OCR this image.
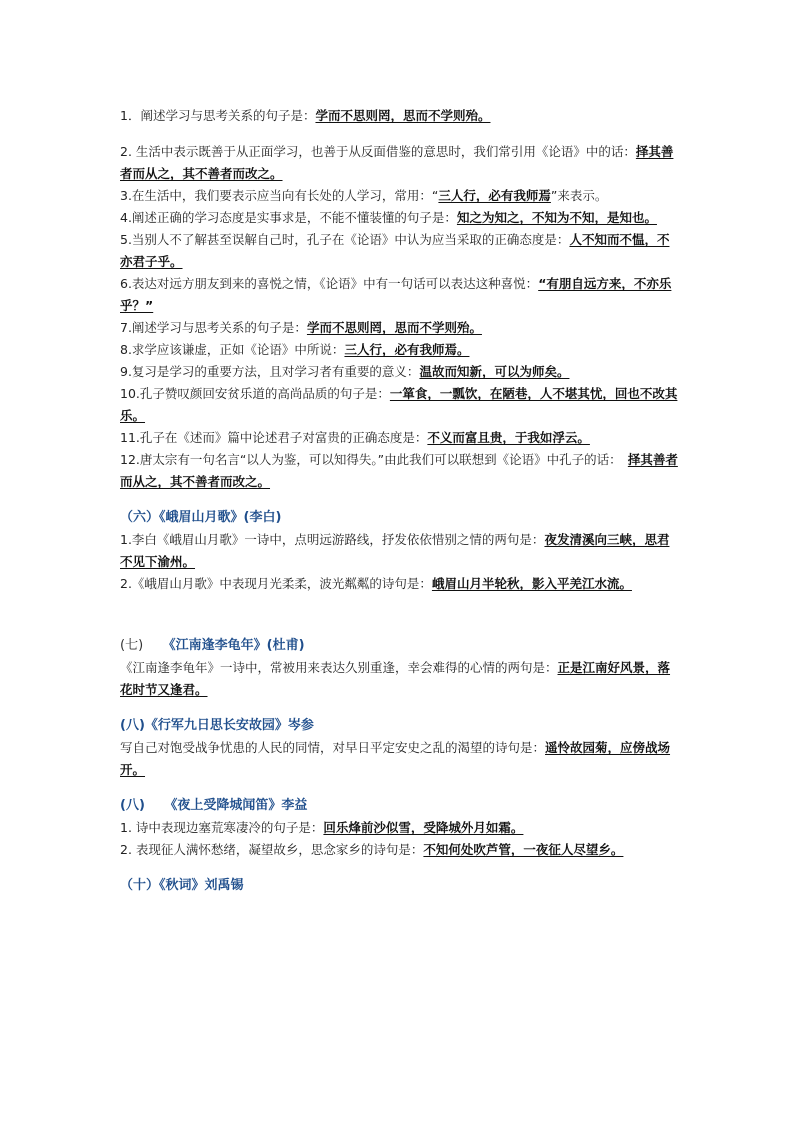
1．阐述学习与思考关系的句子是：学而不思则罔，思而不学则殆。

2. 生活中表示既善于从正面学习，也善于从反面借鉴的意思时，我们常引用《论语》中的话：择其善者而从之，其不善者而改之。

3.在生活中，我们要表示应当向有长处的人学习，常用：“三人行，必有我师焉”来表示。

4.阐述正确的学习态度是实事求是，不能不懂装懂的句子是：知之为知之，不知为不知，是知也。

5.当别人不了解甚至误解自己时，孔子在《论语》中认为应当采取的正确态度是：人不知而不愠，不亦君子乎。

6.表达对远方朋友到来的喜悦之情，《论语》中有一句话可以表达这种喜悦：“有朋自远方来，不亦乐乎？”

7.阐述学习与思考关系的句子是：学而不思则罔，思而不学则殆。

8.求学应该谦虚，正如《论语》中所说：三人行，必有我师焉。

9.复习是学习的重要方法，且对学习者有重要的意义：温故而知新，可以为师矣。

10.孔子赞叹颜回安贫乐道的高尚品质的句子是：一箪食，一瓢饮，在陋巷，人不堪其忧，回也不改其乐。

11.孔子在《述而》篇中论述君子对富贵的正确态度是：不义而富且贵，于我如浮云。

12.唐太宗有一句名言“以人为鉴，可以知得失。”由此我们可以联想到《论语》中孔子的话：　择其善者而从之，其不善者而改之。

（六）《峨眉山月歌》(李白)

1.李白《峨眉山月歌》一诗中，点明远游路线，抒发依依惜别之情的两句是：夜发清溪向三峡，思君不见下渝州。

2.《峨眉山月歌》中表现月光柔柔，波光粼粼的诗句是：峨眉山月半轮秋，影入平羌江水流。

(七)　　 《江南逢李龟年》(杜甫)

《江南逢李龟年》一诗中，常被用来表达久别重逢，幸会难得的心情的两句是：正是江南好风景，落花时节又逢君。

(八)《行军九日思长安故园》岑参

写自己对饱受战争忧患的人民的同情，对早日平定安史之乱的渴望的诗句是：遥怜故园菊，应傍战场开。

(八)　　《夜上受降城闻笛》李益

1. 诗中表现边塞荒寒凄冷的句子是：回乐烽前沙似雪，受降城外月如霜。

2. 表现征人满怀愁绪，凝望故乡，思念家乡的诗句是：不知何处吹芦管，一夜征人尽望乡。

（十）《秋词》刘禹锡
